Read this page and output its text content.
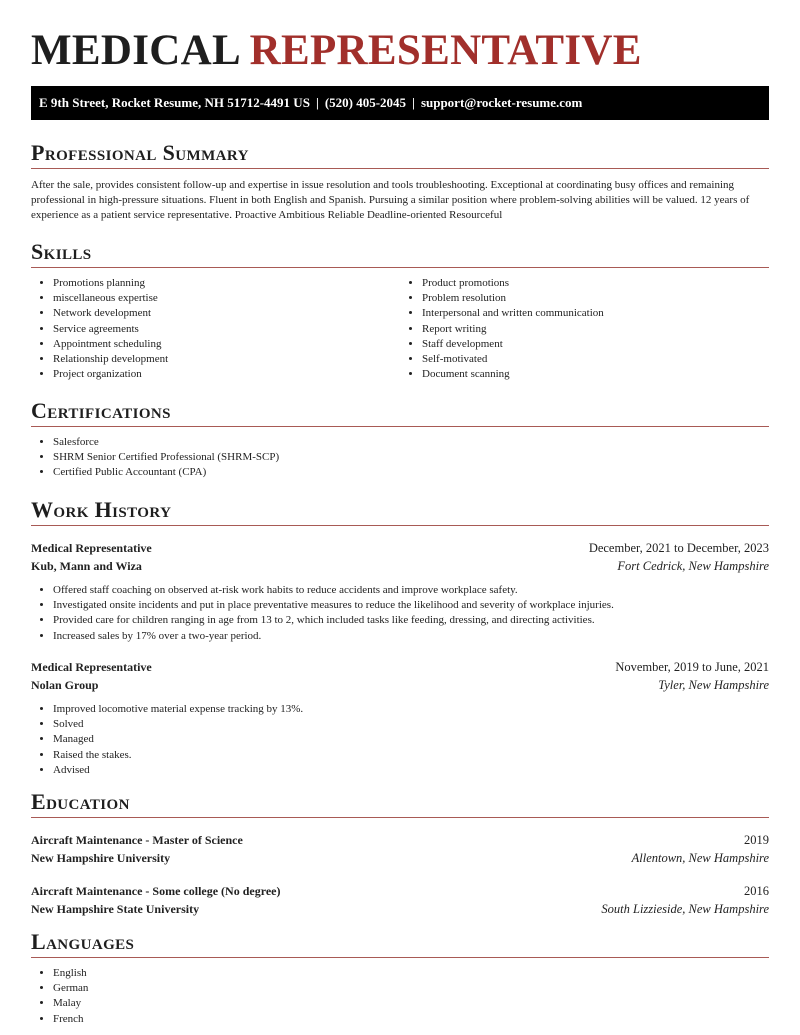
MEDICAL REPRESENTATIVE
E 9th Street, Rocket Resume, NH 51712-4491 US | (520) 405-2045 | support@rocket-resume.com
Professional Summary
After the sale, provides consistent follow-up and expertise in issue resolution and tools troubleshooting. Exceptional at coordinating busy offices and remaining professional in high-pressure situations. Fluent in both English and Spanish. Pursuing a similar position where problem-solving abilities will be valued. 12 years of experience as a patient service representative. Proactive Ambitious Reliable Deadline-oriented Resourceful
Skills
• Promotions planning
• miscellaneous expertise
• Network development
• Service agreements
• Appointment scheduling
• Relationship development
• Project organization
• Product promotions
• Problem resolution
• Interpersonal and written communication
• Report writing
• Staff development
• Self-motivated
• Document scanning
Certifications
• Salesforce
• SHRM Senior Certified Professional (SHRM-SCP)
• Certified Public Accountant (CPA)
Work History
Medical Representative	December, 2021 to December, 2023
Kub, Mann and Wiza	Fort Cedrick, New Hampshire
• Offered staff coaching on observed at-risk work habits to reduce accidents and improve workplace safety.
• Investigated onsite incidents and put in place preventative measures to reduce the likelihood and severity of workplace injuries.
• Provided care for children ranging in age from 13 to 2, which included tasks like feeding, dressing, and directing activities.
• Increased sales by 17% over a two-year period.
Medical Representative	November, 2019 to June, 2021
Nolan Group	Tyler, New Hampshire
• Improved locomotive material expense tracking by 13%.
• Solved
• Managed
• Raised the stakes.
• Advised
Education
Aircraft Maintenance - Master of Science	2019
New Hampshire University	Allentown, New Hampshire
Aircraft Maintenance - Some college (No degree)	2016
New Hampshire State University	South Lizzieside, New Hampshire
Languages
• English
• German
• Malay
• French
